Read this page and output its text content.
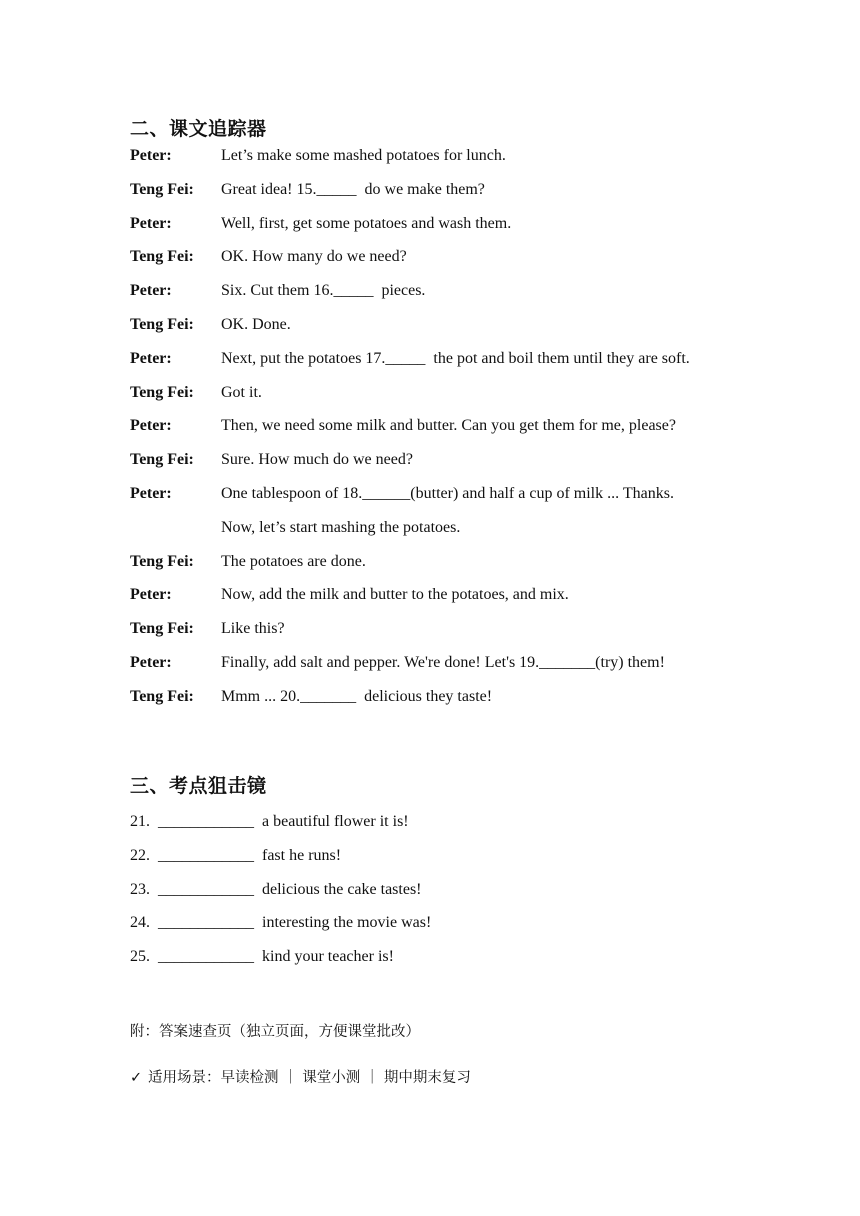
二、课文追踪器
Peter:	Let’s make some mashed potatoes for lunch.
Teng Fei: Great idea! 15._____  do we make them?
Peter:	Well, first, get some potatoes and wash them.
Teng Fei: OK. How many do we need?
Peter:	Six. Cut them 16._____  pieces.
Teng Fei: OK. Done.
Peter:	Next, put the potatoes 17._____  the pot and boil them until they are soft.
Teng Fei: Got it.
Peter:	Then, we need some milk and butter. Can you get them for me, please?
Teng Fei: Sure. How much do we need?
Peter:	One tablespoon of 18.______(butter) and half a cup of milk ... Thanks.
Now, let’s start mashing the potatoes.
Teng Fei: The potatoes are done.
Peter:	Now, add the milk and butter to the potatoes, and mix.
Teng Fei: Like this?
Peter:	Finally, add salt and pepper. We're done! Let's 19._______(try) them!
Teng Fei: Mmm ... 20._______  delicious they taste!
三、考点狙击镜
21.  ____________  a beautiful flower it is!
22.  ____________  fast he runs!
23.  ____________  delicious the cake tastes!
24.  ____________  interesting the movie was!
25.  ____________  kind your teacher is!
附：答案速查页（独立页面，方便课堂批改）
✓ 适用场景：早读检测 ｜ 课堂小测 ｜ 期中期末复习
